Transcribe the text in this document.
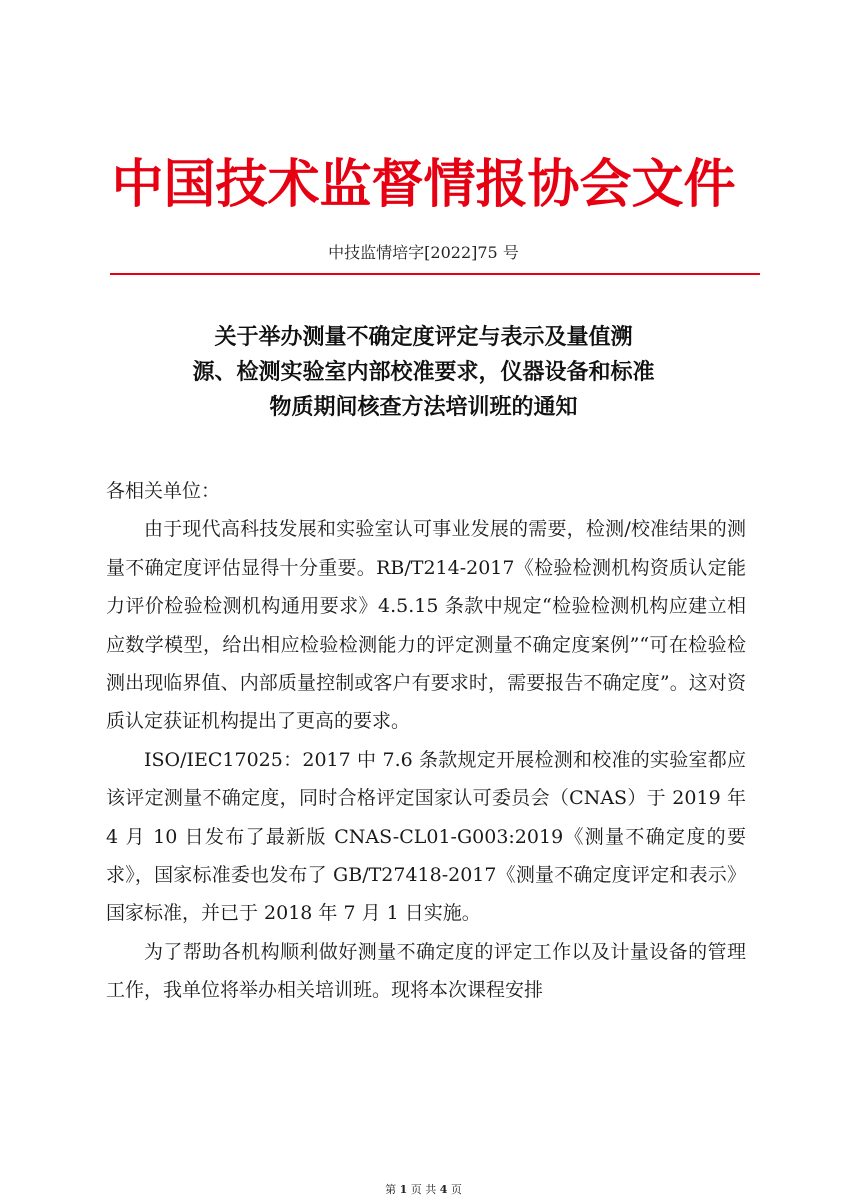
中国技术监督情报协会文件
中技监情培字[2022]75 号
关于举办测量不确定度评定与表示及量值溯
源、检测实验室内部校准要求，仪器设备和标准
物质期间核查方法培训班的通知

各相关单位：

由于现代高科技发展和实验室认可事业发展的需要，检测/校准结果的测量不确定度评估显得十分重要。RB/T214-2017《检验检测机构资质认定能力评价检验检测机构通用要求》4.5.15 条款中规定“检验检测机构应建立相应数学模型，给出相应检验检测能力的评定测量不确定度案例”“可在检验检测出现临界值、内部质量控制或客户有要求时，需要报告不确定度”。这对资质认定获证机构提出了更高的要求。

ISO/IEC17025：2017 中 7.6 条款规定开展检测和校准的实验室都应该评定测量不确定度，同时合格评定国家认可委员会（CNAS）于 2019 年 4 月 10 日发布了最新版 CNAS-CL01-G003:2019《测量不确定度的要求》，国家标准委也发布了 GB/T27418-2017《测量不确定度评定和表示》国家标准，并已于 2018 年 7 月 1 日实施。

为了帮助各机构顺利做好测量不确定度的评定工作以及计量设备的管理工作，我单位将举办相关培训班。现将本次课程安排

第 1 页 共 4 页
